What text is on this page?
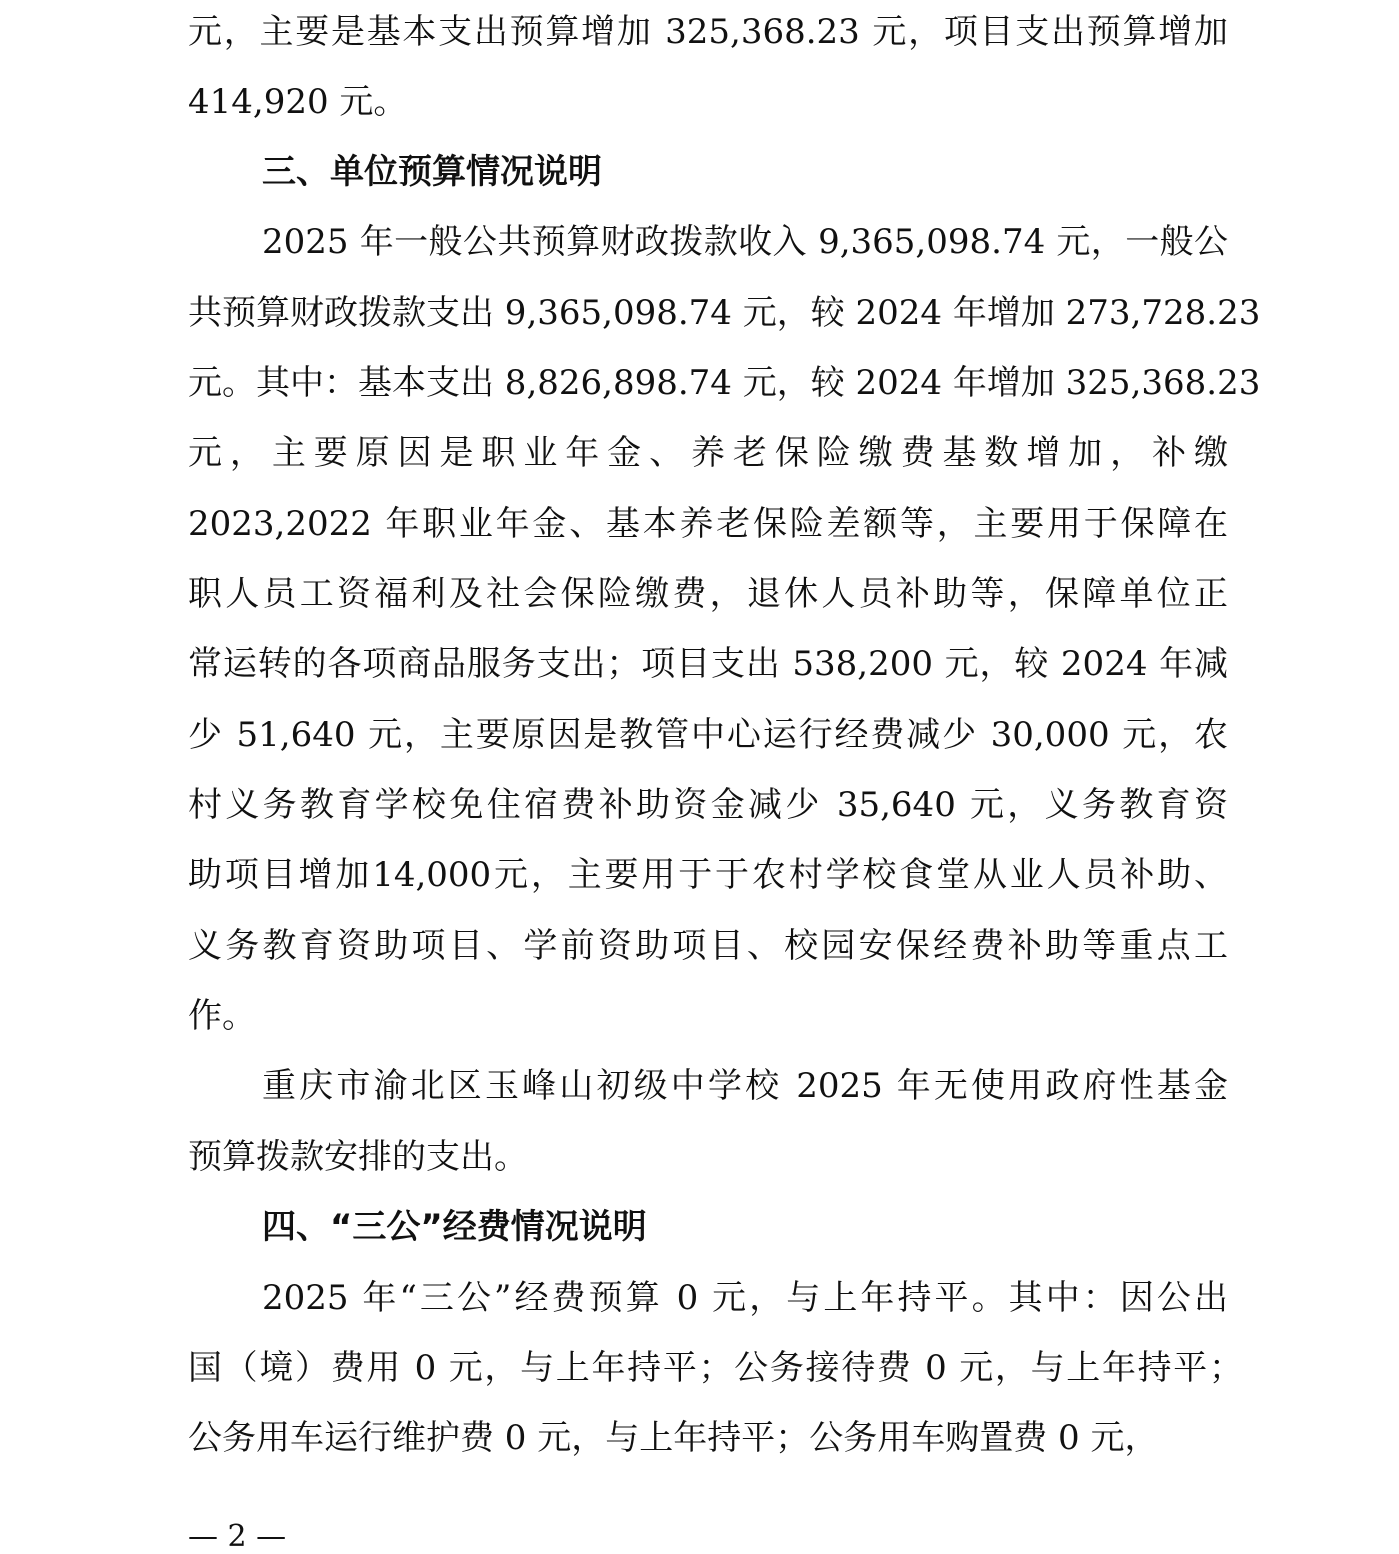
元，主要是基本支出预算增加 325,368.23 元，项目支出预算增加
414,920 元。
三、单位预算情况说明
2025 年一般公共预算财政拨款收入 9,365,098.74 元，一般公
共预算财政拨款支出 9,365,098.74 元，较 2024 年增加 273,728.23
元。其中：基本支出 8,826,898.74 元，较 2024 年增加 325,368.23
元，主要原因是职业年金、养老保险缴费基数增加，补缴
2023,2022 年职业年金、基本养老保险差额等，主要用于保障在
职人员工资福利及社会保险缴费，退休人员补助等，保障单位正
常运转的各项商品服务支出；项目支出 538,200 元，较 2024 年减
少 51,640 元，主要原因是教管中心运行经费减少 30,000 元，农
村义务教育学校免住宿费补助资金减少 35,640 元，义务教育资
助项目增加14,000元，主要用于于农村学校食堂从业人员补助、
义务教育资助项目、学前资助项目、校园安保经费补助等重点工
作。
重庆市渝北区玉峰山初级中学校 2025 年无使用政府性基金
预算拨款安排的支出。
四、“三公”经费情况说明
2025 年“三公”经费预算 0 元，与上年持平。其中：因公出
国（境）费用 0 元，与上年持平；公务接待费 0 元，与上年持平；
公务用车运行维护费 0 元，与上年持平；公务用车购置费 0 元，
— 2 —
